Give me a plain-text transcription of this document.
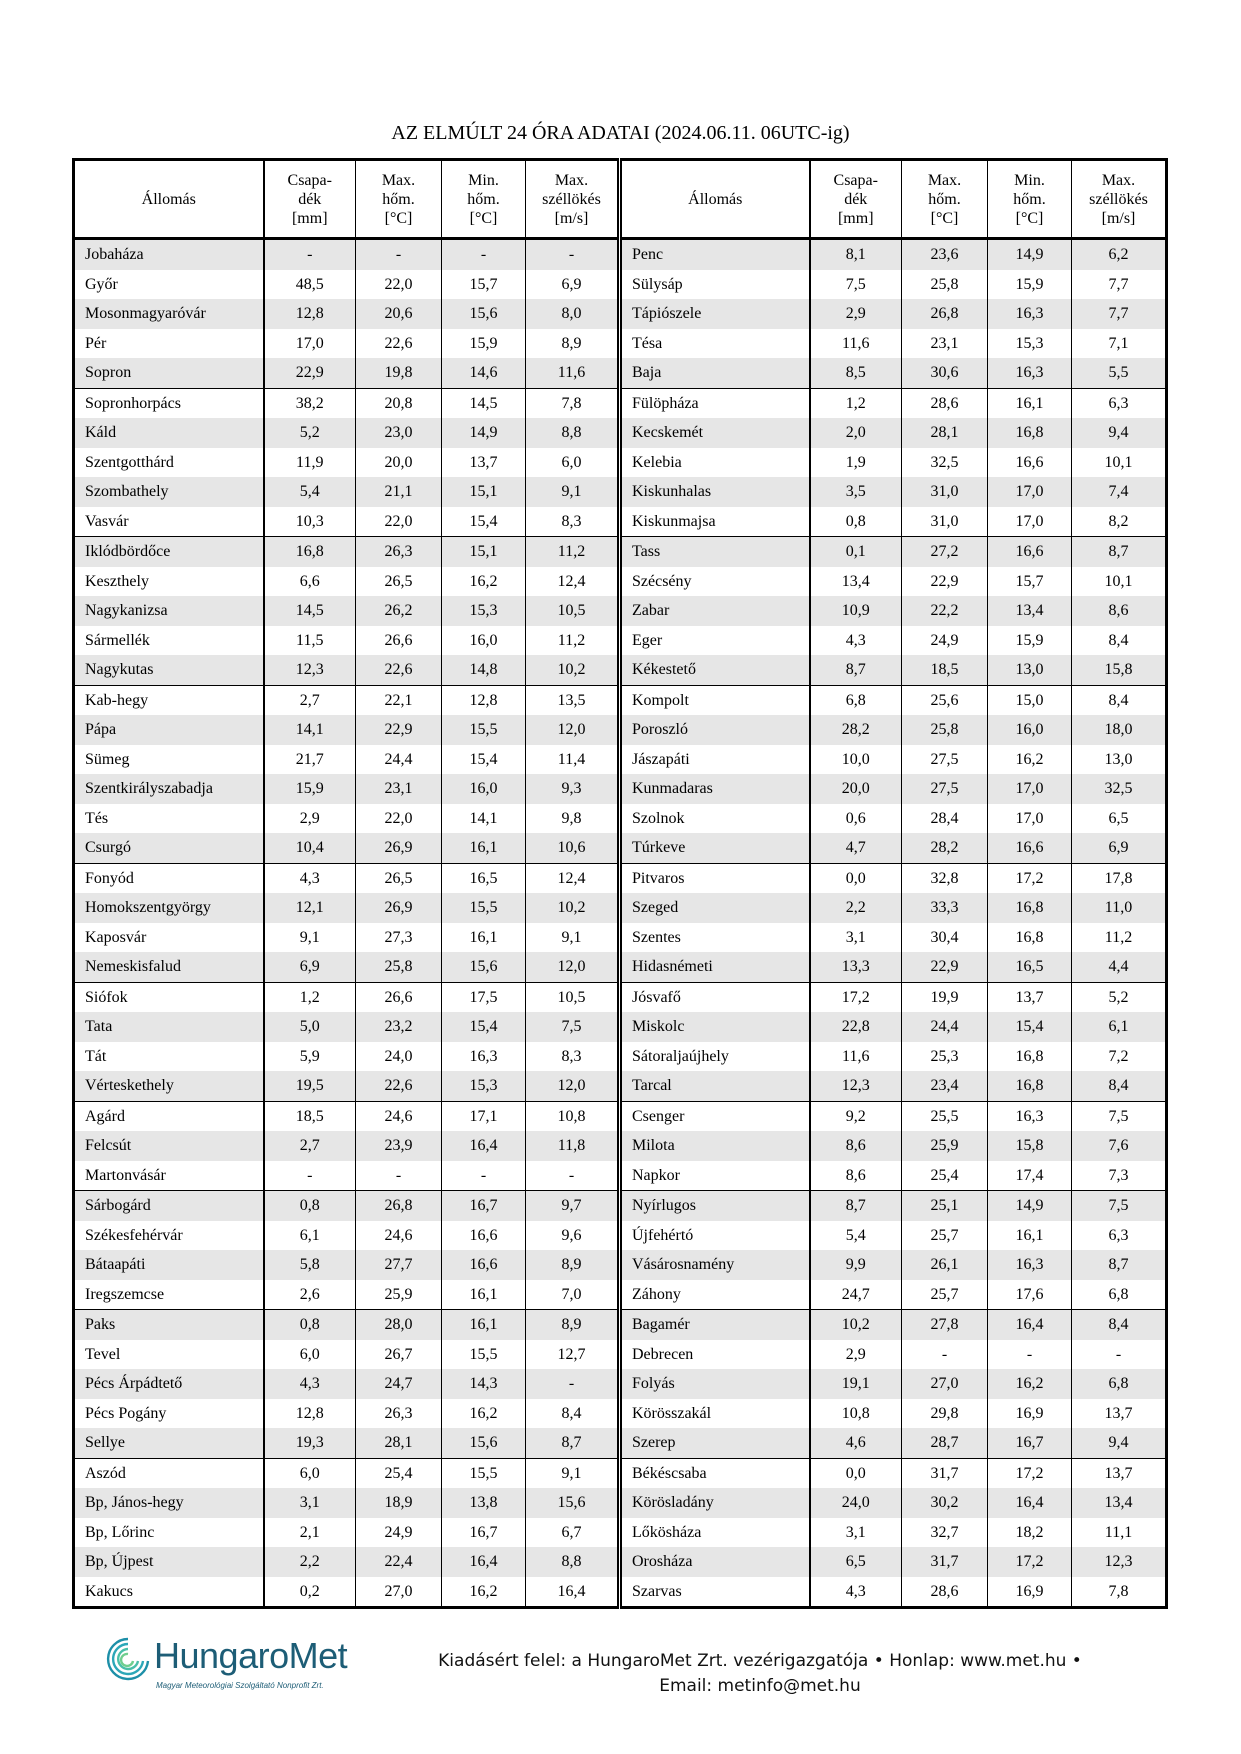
AZ ELMÚLT 24 ÓRA ADATAI (2024.06.11. 06UTC-ig)
Állomás	Csapa-
dék
[mm]	Max.
hőm.
[°C]	Min.
hőm.
[°C]	Max.
széllökés
[m/s]	Állomás	Csapa-
dék
[mm]	Max.
hőm.
[°C]	Min.
hőm.
[°C]	Max.
széllökés
[m/s]
Jobaháza	-	-	-	-	Penc	8,1	23,6	14,9	6,2
Győr	48,5	22,0	15,7	6,9	Sülysáp	7,5	25,8	15,9	7,7
Mosonmagyaróvár	12,8	20,6	15,6	8,0	Tápiószele	2,9	26,8	16,3	7,7
Pér	17,0	22,6	15,9	8,9	Tésa	11,6	23,1	15,3	7,1
Sopron	22,9	19,8	14,6	11,6	Baja	8,5	30,6	16,3	5,5
Sopronhorpács	38,2	20,8	14,5	7,8	Fülöpháza	1,2	28,6	16,1	6,3
Káld	5,2	23,0	14,9	8,8	Kecskemét	2,0	28,1	16,8	9,4
Szentgotthárd	11,9	20,0	13,7	6,0	Kelebia	1,9	32,5	16,6	10,1
Szombathely	5,4	21,1	15,1	9,1	Kiskunhalas	3,5	31,0	17,0	7,4
Vasvár	10,3	22,0	15,4	8,3	Kiskunmajsa	0,8	31,0	17,0	8,2
Iklódbördőce	16,8	26,3	15,1	11,2	Tass	0,1	27,2	16,6	8,7
Keszthely	6,6	26,5	16,2	12,4	Szécsény	13,4	22,9	15,7	10,1
Nagykanizsa	14,5	26,2	15,3	10,5	Zabar	10,9	22,2	13,4	8,6
Sármellék	11,5	26,6	16,0	11,2	Eger	4,3	24,9	15,9	8,4
Nagykutas	12,3	22,6	14,8	10,2	Kékestető	8,7	18,5	13,0	15,8
Kab-hegy	2,7	22,1	12,8	13,5	Kompolt	6,8	25,6	15,0	8,4
Pápa	14,1	22,9	15,5	12,0	Poroszló	28,2	25,8	16,0	18,0
Sümeg	21,7	24,4	15,4	11,4	Jászapáti	10,0	27,5	16,2	13,0
Szentkirályszabadja	15,9	23,1	16,0	9,3	Kunmadaras	20,0	27,5	17,0	32,5
Tés	2,9	22,0	14,1	9,8	Szolnok	0,6	28,4	17,0	6,5
Csurgó	10,4	26,9	16,1	10,6	Túrkeve	4,7	28,2	16,6	6,9
Fonyód	4,3	26,5	16,5	12,4	Pitvaros	0,0	32,8	17,2	17,8
Homokszentgyörgy	12,1	26,9	15,5	10,2	Szeged	2,2	33,3	16,8	11,0
Kaposvár	9,1	27,3	16,1	9,1	Szentes	3,1	30,4	16,8	11,2
Nemeskisfalud	6,9	25,8	15,6	12,0	Hidasnémeti	13,3	22,9	16,5	4,4
Siófok	1,2	26,6	17,5	10,5	Jósvafő	17,2	19,9	13,7	5,2
Tata	5,0	23,2	15,4	7,5	Miskolc	22,8	24,4	15,4	6,1
Tát	5,9	24,0	16,3	8,3	Sátoraljaújhely	11,6	25,3	16,8	7,2
Vérteskethely	19,5	22,6	15,3	12,0	Tarcal	12,3	23,4	16,8	8,4
Agárd	18,5	24,6	17,1	10,8	Csenger	9,2	25,5	16,3	7,5
Felcsút	2,7	23,9	16,4	11,8	Milota	8,6	25,9	15,8	7,6
Martonvásár	-	-	-	-	Napkor	8,6	25,4	17,4	7,3
Sárbogárd	0,8	26,8	16,7	9,7	Nyírlugos	8,7	25,1	14,9	7,5
Székesfehérvár	6,1	24,6	16,6	9,6	Újfehértó	5,4	25,7	16,1	6,3
Bátaapáti	5,8	27,7	16,6	8,9	Vásárosnamény	9,9	26,1	16,3	8,7
Iregszemcse	2,6	25,9	16,1	7,0	Záhony	24,7	25,7	17,6	6,8
Paks	0,8	28,0	16,1	8,9	Bagamér	10,2	27,8	16,4	8,4
Tevel	6,0	26,7	15,5	12,7	Debrecen	2,9	-	-	-
Pécs Árpádtető	4,3	24,7	14,3	-	Folyás	19,1	27,0	16,2	6,8
Pécs Pogány	12,8	26,3	16,2	8,4	Körösszakál	10,8	29,8	16,9	13,7
Sellye	19,3	28,1	15,6	8,7	Szerep	4,6	28,7	16,7	9,4
Aszód	6,0	25,4	15,5	9,1	Békéscsaba	0,0	31,7	17,2	13,7
Bp, János-hegy	3,1	18,9	13,8	15,6	Körösladány	24,0	30,2	16,4	13,4
Bp, Lőrinc	2,1	24,9	16,7	6,7	Lőkösháza	3,1	32,7	18,2	11,1
Bp, Újpest	2,2	22,4	16,4	8,8	Orosháza	6,5	31,7	17,2	12,3
Kakucs	0,2	27,0	16,2	16,4	Szarvas	4,3	28,6	16,9	7,8
HungaroMet
Magyar Meteorológiai Szolgáltató Nonprofit Zrt.
Kiadásért felel: a HungaroMet Zrt. vezérigazgatója • Honlap: www.met.hu •
Email: metinfo@met.hu
